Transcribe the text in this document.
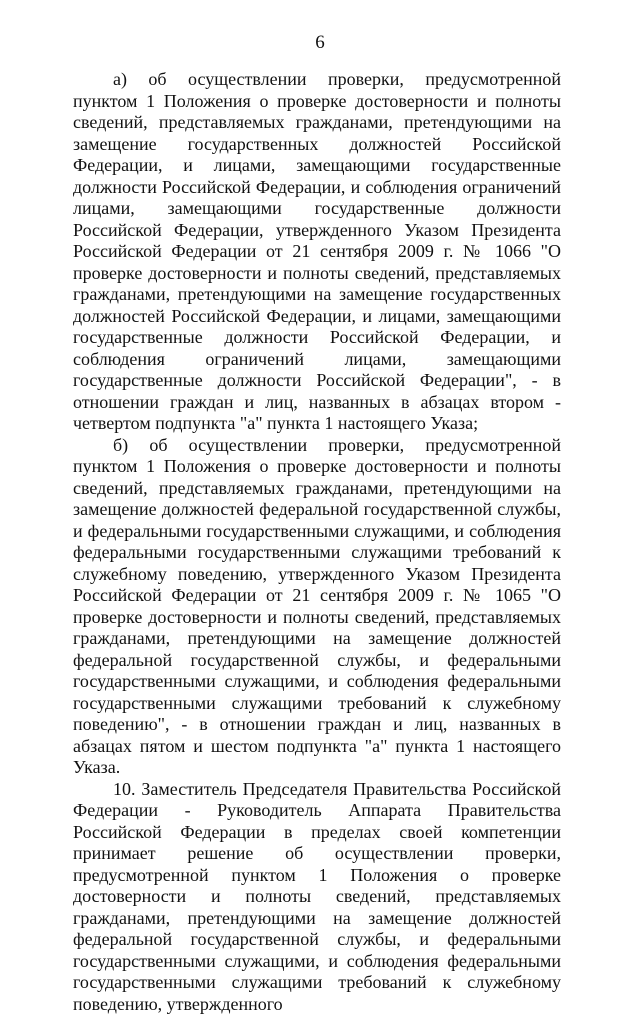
6

а) об осуществлении проверки, предусмотренной пунктом 1 Положения о проверке достоверности и полноты сведений, представляемых гражданами, претендующими на замещение государственных должностей Российской Федерации, и лицами, замещающими государственные должности Российской Федерации, и соблюдения ограничений лицами, замещающими государственные должности Российской Федерации, утвержденного Указом Президента Российской Федерации от 21 сентября 2009 г. № 1066 "О проверке достоверности и полноты сведений, представляемых гражданами, претендующими на замещение государственных должностей Российской Федерации, и лицами, замещающими государственные должности Российской Федерации, и соблюдения ограничений лицами, замещающими государственные должности Российской Федерации", - в отношении граждан и лиц, названных в абзацах втором - четвертом подпункта "а" пункта 1 настоящего Указа;

б) об осуществлении проверки, предусмотренной пунктом 1 Положения о проверке достоверности и полноты сведений, представляемых гражданами, претендующими на замещение должностей федеральной государственной службы, и федеральными государственными служащими, и соблюдения федеральными государственными служащими требований к служебному поведению, утвержденного Указом Президента Российской Федерации от 21 сентября 2009 г. № 1065 "О проверке достоверности и полноты сведений, представляемых гражданами, претендующими на замещение должностей федеральной государственной службы, и федеральными государственными служащими, и соблюдения федеральными государственными служащими требований к служебному поведению", - в отношении граждан и лиц, названных в абзацах пятом и шестом подпункта "а" пункта 1 настоящего Указа.

10. Заместитель Председателя Правительства Российской Федерации - Руководитель Аппарата Правительства Российской Федерации в пределах своей компетенции принимает решение об осуществлении проверки, предусмотренной пунктом 1 Положения о проверке достоверности и полноты сведений, представляемых гражданами, претендующими на замещение должностей федеральной государственной службы, и федеральными государственными служащими, и соблюдения федеральными государственными служащими требований к служебному поведению, утвержденного
